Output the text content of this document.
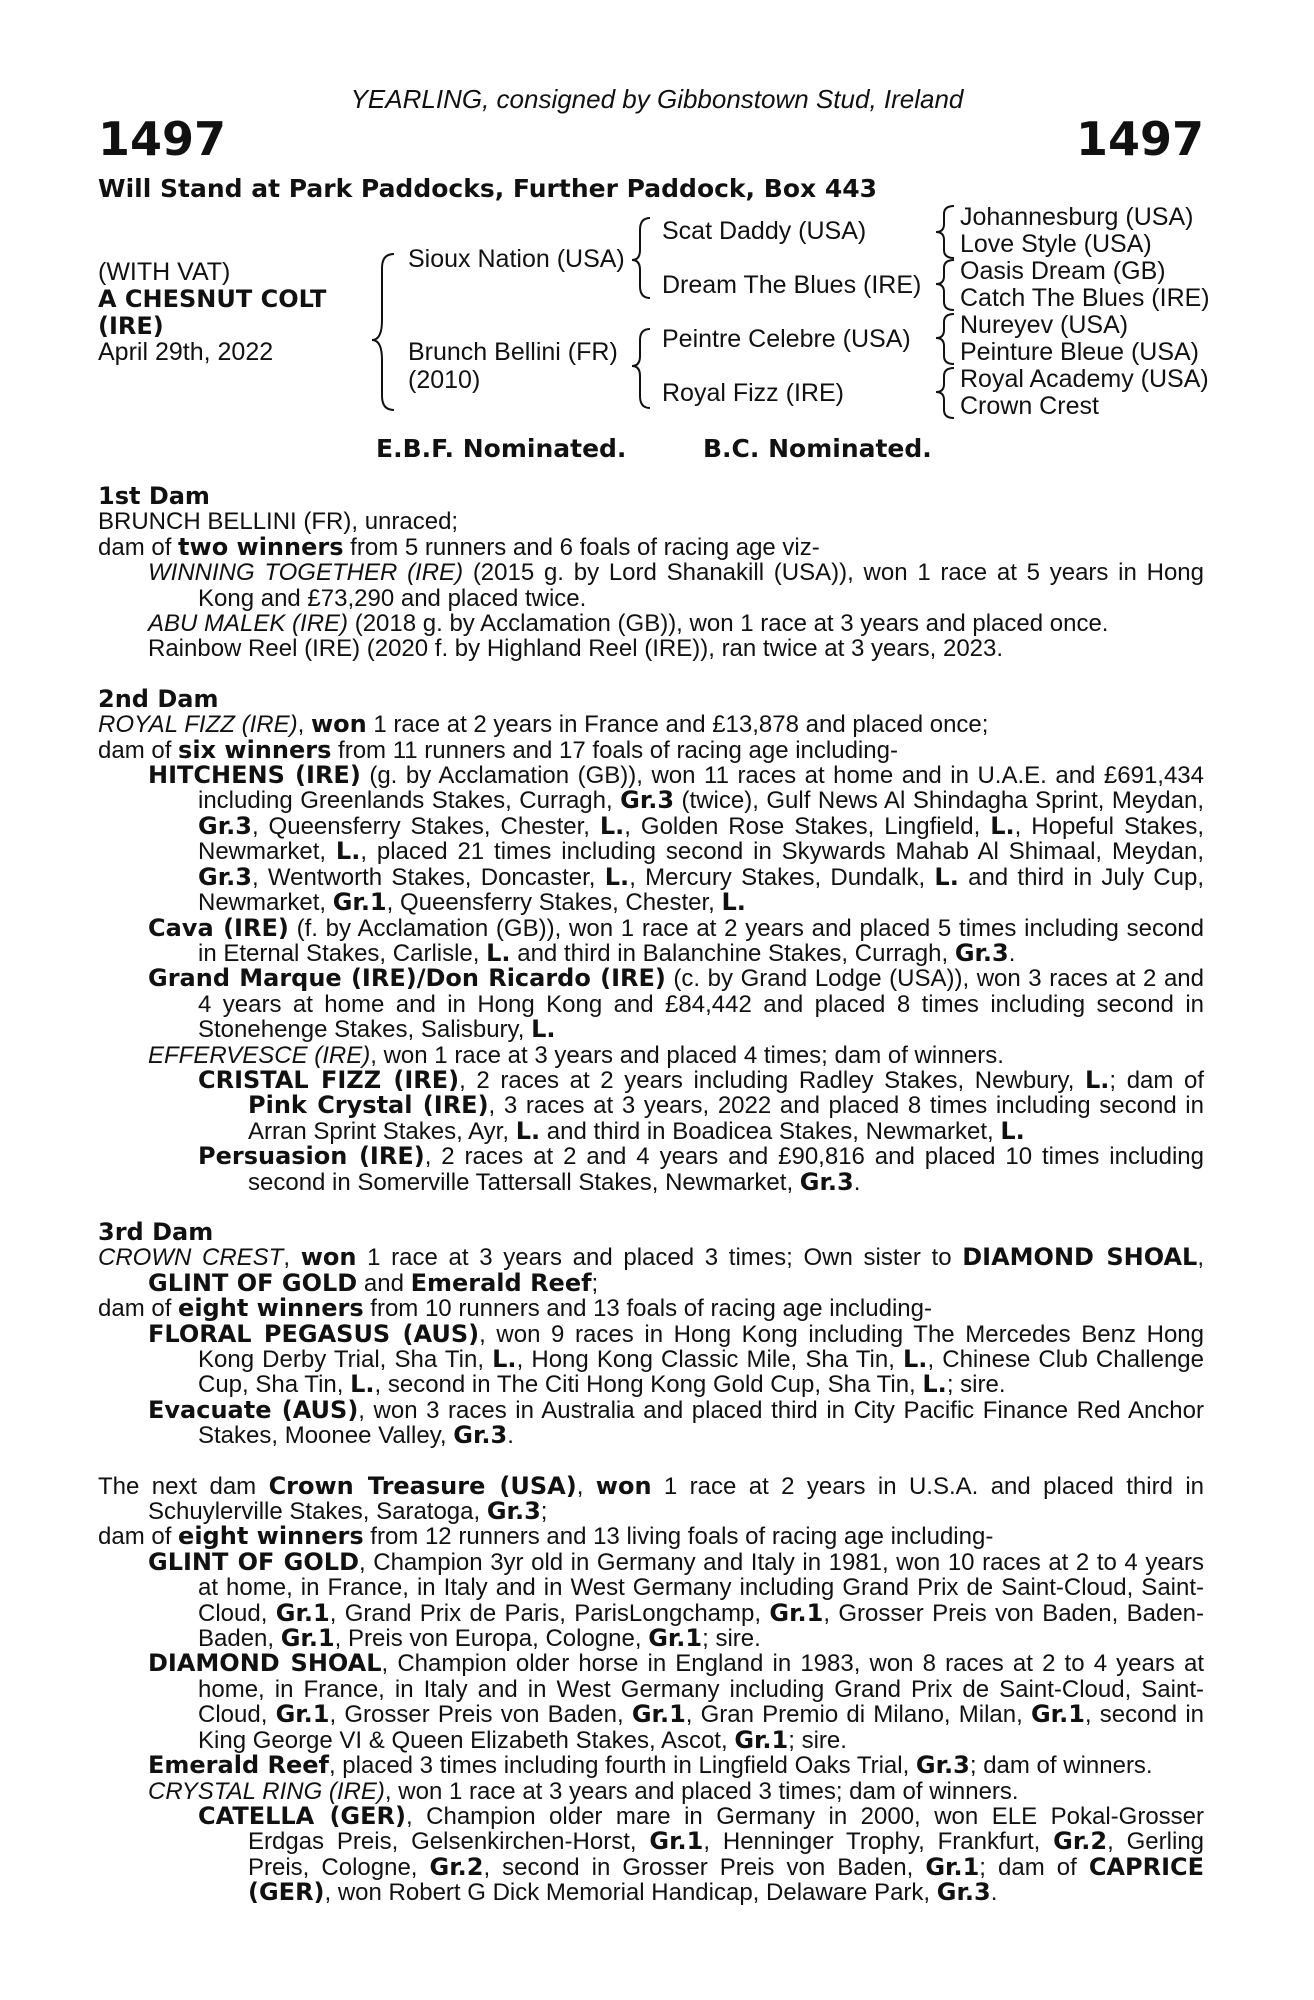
YEARLING, consigned by Gibbonstown Stud, Ireland
1497	1497
Will Stand at Park Paddocks, Further Paddock, Box 443
(WITH VAT)
A CHESNUT COLT
(IRE)
April 29th, 2022
Sioux Nation (USA)
Brunch Bellini (FR)
(2010)
Scat Daddy (USA)
Dream The Blues (IRE)
Peintre Celebre (USA)
Royal Fizz (IRE)
Johannesburg (USA)
Love Style (USA)
Oasis Dream (GB)
Catch The Blues (IRE)
Nureyev (USA)
Peinture Bleue (USA)
Royal Academy (USA)
Crown Crest
E.B.F. Nominated.	B.C. Nominated.
1st Dam
BRUNCH BELLINI (FR), unraced;
dam of two winners from 5 runners and 6 foals of racing age viz-
WINNING TOGETHER (IRE) (2015 g. by Lord Shanakill (USA)), won 1 race at 5 years in Hong Kong and £73,290 and placed twice.
ABU MALEK (IRE) (2018 g. by Acclamation (GB)), won 1 race at 3 years and placed once.
Rainbow Reel (IRE) (2020 f. by Highland Reel (IRE)), ran twice at 3 years, 2023.
2nd Dam
ROYAL FIZZ (IRE), won 1 race at 2 years in France and £13,878 and placed once;
dam of six winners from 11 runners and 17 foals of racing age including-
HITCHENS (IRE) (g. by Acclamation (GB)), won 11 races at home and in U.A.E. and £691,434 including Greenlands Stakes, Curragh, Gr.3 (twice), Gulf News Al Shindagha Sprint, Meydan, Gr.3, Queensferry Stakes, Chester, L., Golden Rose Stakes, Lingfield, L., Hopeful Stakes, Newmarket, L., placed 21 times including second in Skywards Mahab Al Shimaal, Meydan, Gr.3, Wentworth Stakes, Doncaster, L., Mercury Stakes, Dundalk, L. and third in July Cup, Newmarket, Gr.1, Queensferry Stakes, Chester, L.
Cava (IRE) (f. by Acclamation (GB)), won 1 race at 2 years and placed 5 times including second in Eternal Stakes, Carlisle, L. and third in Balanchine Stakes, Curragh, Gr.3.
Grand Marque (IRE)/Don Ricardo (IRE) (c. by Grand Lodge (USA)), won 3 races at 2 and 4 years at home and in Hong Kong and £84,442 and placed 8 times including second in Stonehenge Stakes, Salisbury, L.
EFFERVESCE (IRE), won 1 race at 3 years and placed 4 times; dam of winners.
CRISTAL FIZZ (IRE), 2 races at 2 years including Radley Stakes, Newbury, L.; dam of Pink Crystal (IRE), 3 races at 3 years, 2022 and placed 8 times including second in Arran Sprint Stakes, Ayr, L. and third in Boadicea Stakes, Newmarket, L.
Persuasion (IRE), 2 races at 2 and 4 years and £90,816 and placed 10 times including second in Somerville Tattersall Stakes, Newmarket, Gr.3.
3rd Dam
CROWN CREST, won 1 race at 3 years and placed 3 times; Own sister to DIAMOND SHOAL, GLINT OF GOLD and Emerald Reef;
dam of eight winners from 10 runners and 13 foals of racing age including-
FLORAL PEGASUS (AUS), won 9 races in Hong Kong including The Mercedes Benz Hong Kong Derby Trial, Sha Tin, L., Hong Kong Classic Mile, Sha Tin, L., Chinese Club Challenge Cup, Sha Tin, L., second in The Citi Hong Kong Gold Cup, Sha Tin, L.; sire.
Evacuate (AUS), won 3 races in Australia and placed third in City Pacific Finance Red Anchor Stakes, Moonee Valley, Gr.3.
The next dam Crown Treasure (USA), won 1 race at 2 years in U.S.A. and placed third in Schuylerville Stakes, Saratoga, Gr.3;
dam of eight winners from 12 runners and 13 living foals of racing age including-
GLINT OF GOLD, Champion 3yr old in Germany and Italy in 1981, won 10 races at 2 to 4 years at home, in France, in Italy and in West Germany including Grand Prix de Saint-Cloud, Saint-Cloud, Gr.1, Grand Prix de Paris, ParisLongchamp, Gr.1, Grosser Preis von Baden, Baden-Baden, Gr.1, Preis von Europa, Cologne, Gr.1; sire.
DIAMOND SHOAL, Champion older horse in England in 1983, won 8 races at 2 to 4 years at home, in France, in Italy and in West Germany including Grand Prix de Saint-Cloud, Saint-Cloud, Gr.1, Grosser Preis von Baden, Gr.1, Gran Premio di Milano, Milan, Gr.1, second in King George VI & Queen Elizabeth Stakes, Ascot, Gr.1; sire.
Emerald Reef, placed 3 times including fourth in Lingfield Oaks Trial, Gr.3; dam of winners.
CRYSTAL RING (IRE), won 1 race at 3 years and placed 3 times; dam of winners.
CATELLA (GER), Champion older mare in Germany in 2000, won ELE Pokal-Grosser Erdgas Preis, Gelsenkirchen-Horst, Gr.1, Henninger Trophy, Frankfurt, Gr.2, Gerling Preis, Cologne, Gr.2, second in Grosser Preis von Baden, Gr.1; dam of CAPRICE (GER), won Robert G Dick Memorial Handicap, Delaware Park, Gr.3.
